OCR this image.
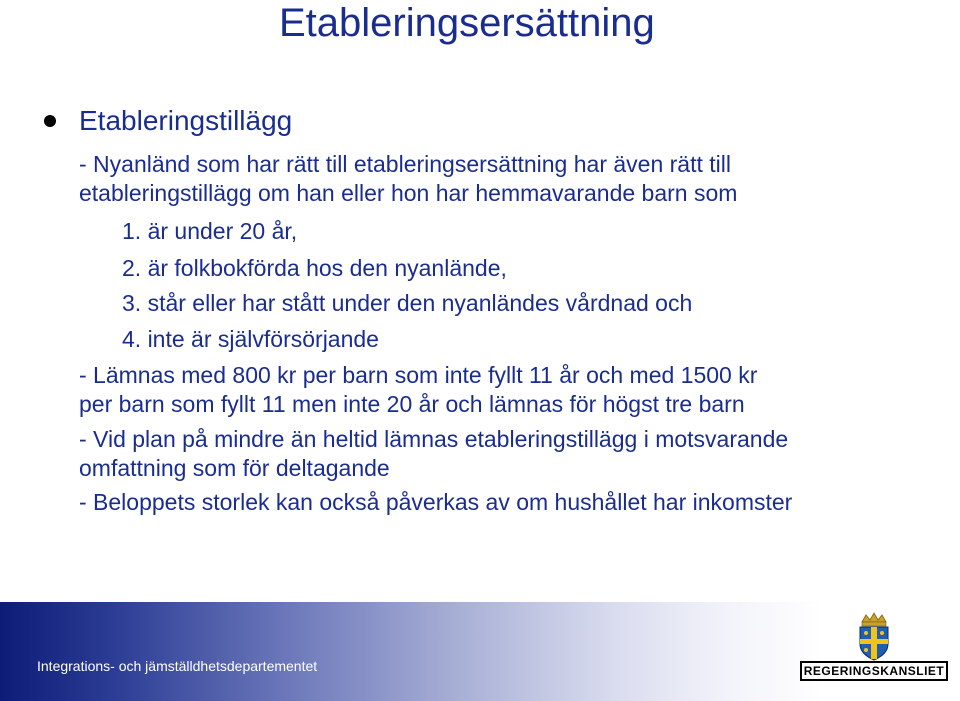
Etableringsersättning
Etableringstillägg
- Nyanländ som har rätt till etableringsersättning har även rätt till
etableringstillägg om han eller hon har hemmavarande barn som
1. är under 20 år,
2. är folkbokförda hos den nyanlände,
3. står eller har stått under den nyanländes vårdnad och
4. inte är självförsörjande
- Lämnas med 800 kr per barn som inte fyllt 11 år och med 1500 kr
per barn som fyllt 11 men inte 20 år och lämnas för högst tre barn
- Vid plan på mindre än heltid lämnas etableringstillägg i motsvarande
omfattning som för deltagande
- Beloppets storlek kan också påverkas av om hushållet har inkomster
Integrations- och jämställdhetsdepartementet	REGERINGSKANSLIET
